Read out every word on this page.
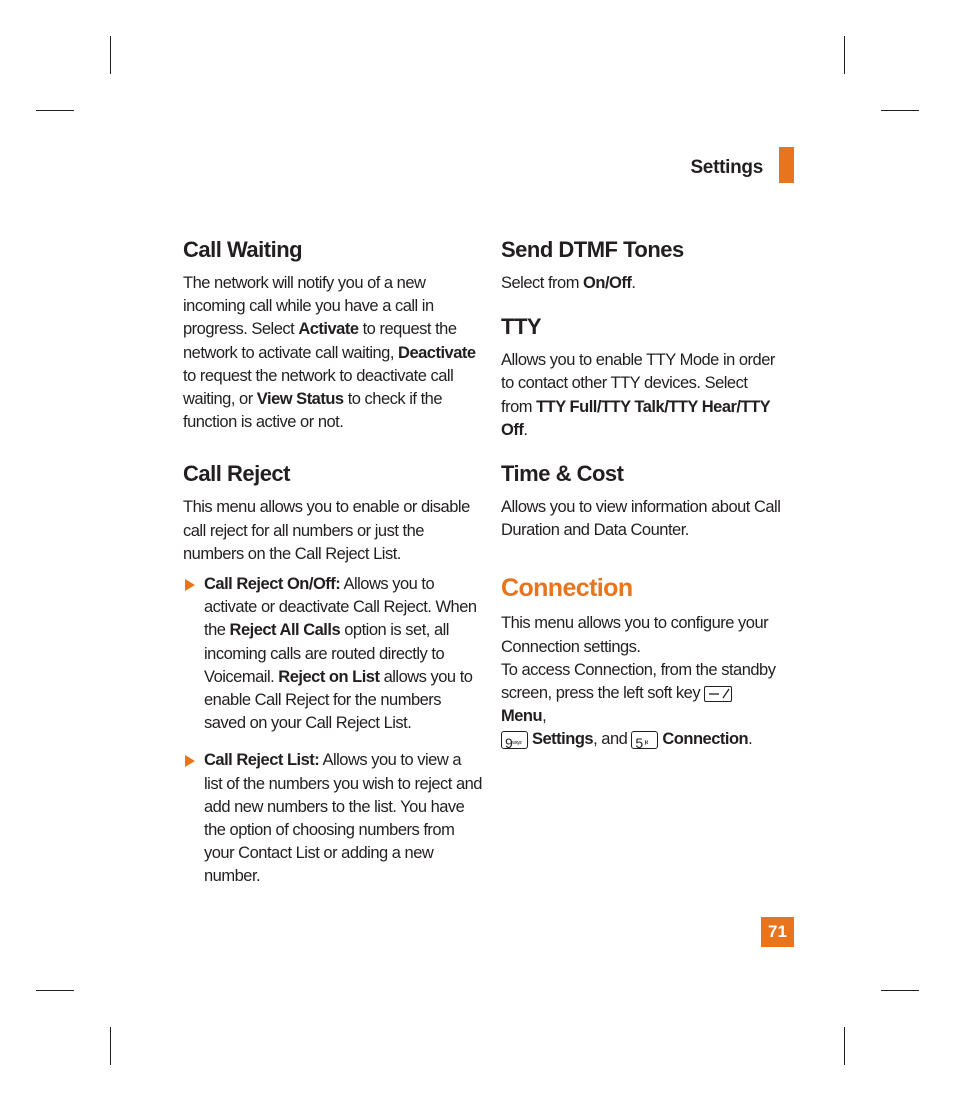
Settings
Call Waiting

The network will notify you of a new incoming call while you have a call in progress. Select Activate to request the network to activate call waiting, Deactivate to request the network to deactivate call waiting, or View Status to check if the function is active or not.

Call Reject

This menu allows you to enable or disable call reject for all numbers or just the numbers on the Call Reject List.

Call Reject On/Off: Allows you to activate or deactivate Call Reject. When the Reject All Calls option is set, all incoming calls are routed directly to Voicemail. Reject on List allows you to enable Call Reject for the numbers saved on your Call Reject List.

Call Reject List: Allows you to view a list of the numbers you wish to reject and add new numbers to the list. You have the option of choosing numbers from your Contact List or adding a new number.

Send DTMF Tones

Select from On/Off.

TTY

Allows you to enable TTY Mode in order to contact other TTY devices. Select from TTY Full/TTY Talk/TTY Hear/TTY Off.

Time & Cost

Allows you to view information about Call Duration and Data Counter.

Connection

This menu allows you to configure your Connection settings.

To access Connection, from the standby screen, press the left soft key
Menu,
$9^{wxyz}$ Settings, and 5 $^{jkl}$ Connection.

71
